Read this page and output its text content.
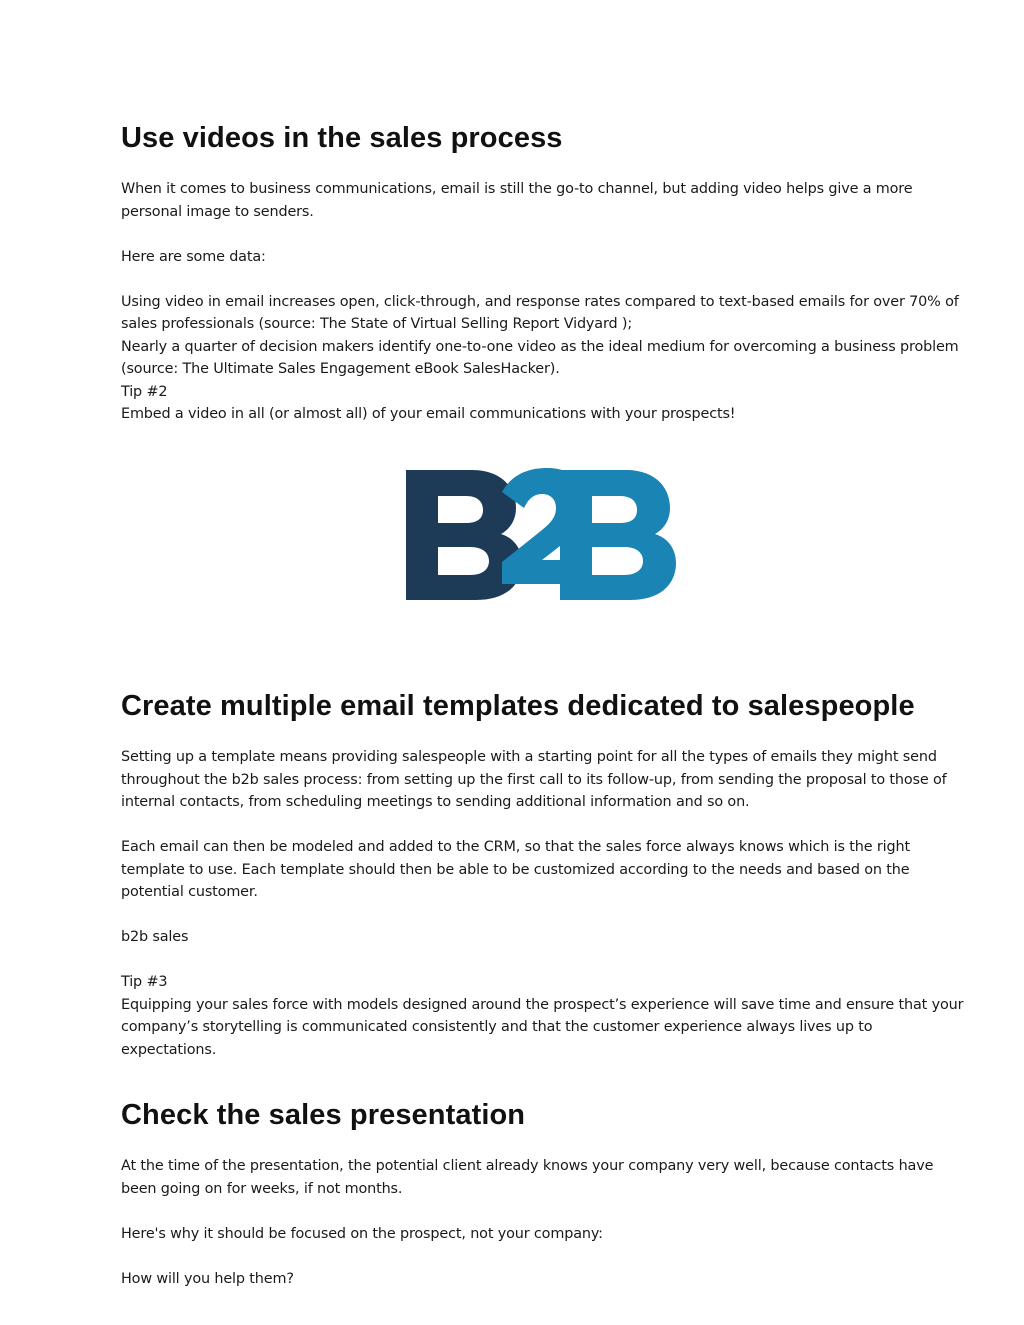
Use videos in the sales process

When it comes to business communications, email is still the go-to channel, but adding video helps give a more personal image to senders.

Here are some data:

Using video in email increases open, click-through, and response rates compared to text-based emails for over 70% of sales professionals (source: The State of Virtual Selling Report Vidyard );

Nearly a quarter of decision makers identify one-to-one video as the ideal medium for overcoming a business problem (source: The Ultimate Sales Engagement eBook SalesHacker).

Tip #2

Embed a video in all (or almost all) of your email communications with your prospects!

Create multiple email templates dedicated to salespeople

Setting up a template means providing salespeople with a starting point for all the types of emails they might send throughout the b2b sales process: from setting up the first call to its follow-up, from sending the proposal to those of internal contacts, from scheduling meetings to sending additional information and so on.

Each email can then be modeled and added to the CRM, so that the sales force always knows which is the right template to use. Each template should then be able to be customized according to the needs and based on the potential customer.

b2b sales

Tip #3

Equipping your sales force with models designed around the prospect’s experience will save time and ensure that your company’s storytelling is communicated consistently and that the customer experience always lives up to expectations.

Check the sales presentation

At the time of the presentation, the potential client already knows your company very well, because contacts have been going on for weeks, if not months.

Here's why it should be focused on the prospect, not your company:

How will you help them?
